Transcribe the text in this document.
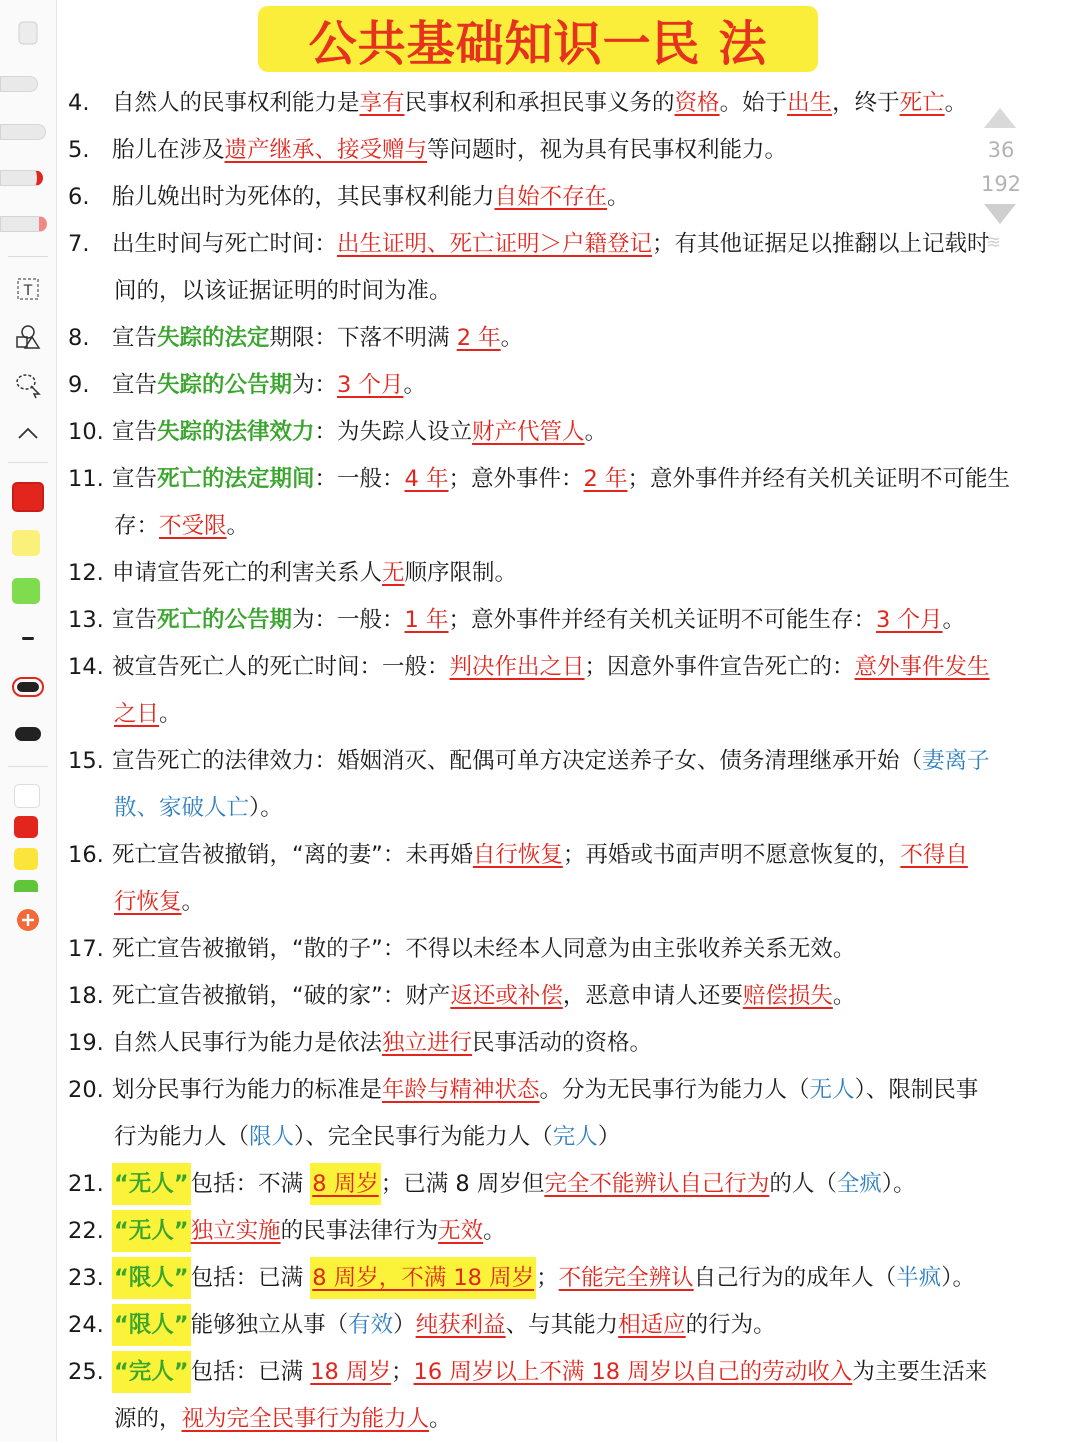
T
公共基础知识一民 法
4. 自然人的民事权利能力是享有民事权利和承担民事义务的资格。始于出生，终于死亡。
5. 胎儿在涉及遗产继承、接受赠与等问题时，视为具有民事权利能力。
6. 胎儿娩出时为死体的，其民事权利能力自始不存在。
7. 出生时间与死亡时间：出生证明、死亡证明＞户籍登记；有其他证据足以推翻以上记载时
间的，以该证据证明的时间为准。
8. 宣告失踪的法定期限：下落不明满 2 年。
9. 宣告失踪的公告期为：3 个月。
10. 宣告失踪的法律效力：为失踪人设立财产代管人。
11. 宣告死亡的法定期间：一般：4 年；意外事件：2 年；意外事件并经有关机关证明不可能生
存：不受限。
12. 申请宣告死亡的利害关系人无顺序限制。
13. 宣告死亡的公告期为：一般：1 年；意外事件并经有关机关证明不可能生存：3 个月。
14. 被宣告死亡人的死亡时间：一般：判决作出之日；因意外事件宣告死亡的：意外事件发生
之日。
15. 宣告死亡的法律效力：婚姻消灭、配偶可单方决定送养子女、债务清理继承开始（妻离子
散、家破人亡）。
16. 死亡宣告被撤销，“离的妻”：未再婚自行恢复；再婚或书面声明不愿意恢复的，不得自
行恢复。
17. 死亡宣告被撤销，“散的子”：不得以未经本人同意为由主张收养关系无效。
18. 死亡宣告被撤销，“破的家”：财产返还或补偿，恶意申请人还要赔偿损失。
19. 自然人民事行为能力是依法独立进行民事活动的资格。
20. 划分民事行为能力的标准是年龄与精神状态。分为无民事行为能力人（无人）、限制民事
行为能力人（限人）、完全民事行为能力人（完人）
21. “无人”包括：不满 8 周岁；已满 8 周岁但完全不能辨认自己行为的人（全疯）。
22. “无人”独立实施的民事法律行为无效。
23. “限人”包括：已满 8 周岁，不满 18 周岁；不能完全辨认自己行为的成年人（半疯）。
24. “限人”能够独立从事（有效）纯获利益、与其能力相适应的行为。
25. “完人”包括：已满 18 周岁；16 周岁以上不满 18 周岁以自己的劳动收入为主要生活来
源的，视为完全民事行为能力人。
36
192
≋
